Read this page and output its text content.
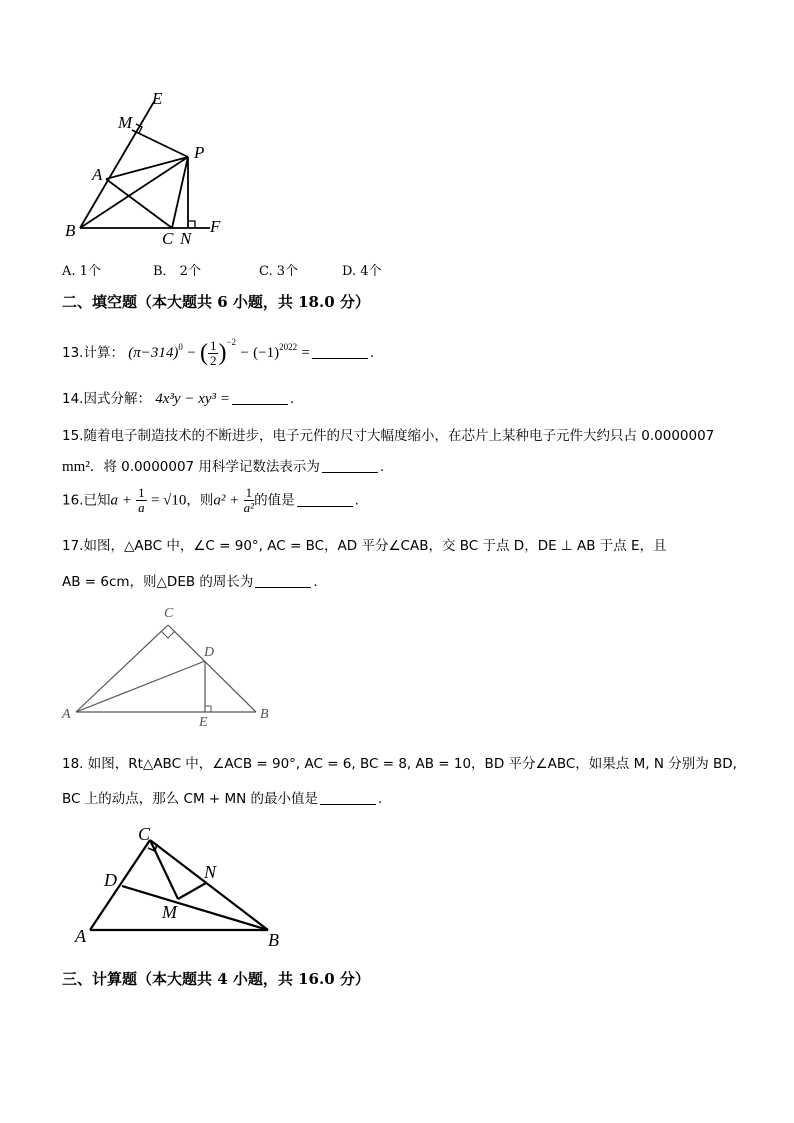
E
M
P
A
B	C N
F
A. 1个	B． 2个	C. 3个	D. 4个
二、填空题（本大题共 6 小题，共 18.0 分）
13.计算： $(\pi-314)^0$ − ( $\frac{1}{2} )^{-2} - (-1)^{2022}$ =	.
14.因式分解： 4x³y − xy³ =	.
15.随着电子制造技术的不断进步，电子元件的尺寸大幅度缩小，在芯片上某种电子元件大约只占 0.0000007
mm²．将 0.0000007 用科学记数法表示为	.
16.已知$a + \frac{1}{a} = √10$，则$a^2 + \frac{1}{\text{a²}}$ 的值是	.
17.如图，△ABC 中，∠C = 90°, AC = BC，AD 平分∠CAB，交 BC 于点 D，DE ⊥ AB 于点 E，且
AB = 6cm，则△DEB 的周长为	.
C
D
A
E
B
18. 如图，Rt△ABC 中，∠ACB = 90°, AC = 6, BC = 8, AB = 10，BD 平分∠ABC，如果点 M, N 分别为 BD,
BC 上的动点，那么 CM + MN 的最小值是	.
C
D	N
M
A	B
三、计算题（本大题共 4 小题，共 16.0 分）
